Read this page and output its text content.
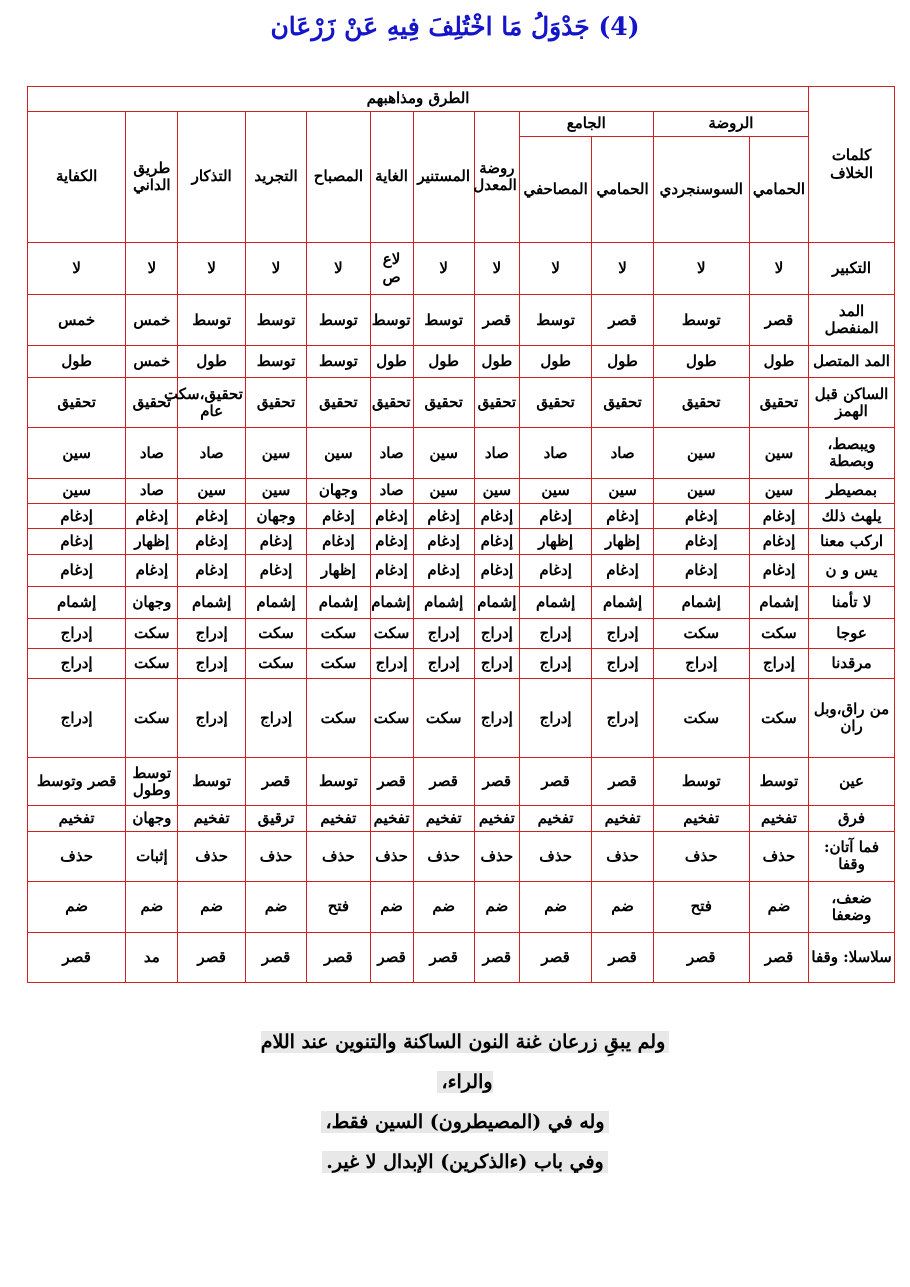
(4) جَدْوَلُ مَا اخْتُلِفَ فِيهِ عَنْ زَرْعَان
كلمات الخلاف	الطرق ومذاهبهم											
	الروضة		الجامع		روضة المعدل	المستنير	الغاية	المصباح	التجريد	التذكار	طريق الداني	الكفاية
	الحمامي	السوسنجردي	الحمامي	المصاحفي								
التكبير	لا	لا	لا	لا	لا	لا	لاع ص	لا	لا	لا	لا	لا
المد المنفصل	قصر	توسط	قصر	توسط	قصر	توسط	توسط	توسط	توسط	توسط	خمس	خمس
المد المتصل	طول	طول	طول	طول	طول	طول	طول	توسط	توسط	طول	خمس	طول
الساكن قبل الهمز	تحقيق	تحقيق	تحقيق	تحقيق	تحقيق	تحقيق	تحقيق	تحقيق	تحقيق	تحقيق،سكت عام	تحقيق	تحقيق
ويبصط، وبصطة	سين	سين	صاد	صاد	صاد	سين	صاد	سين	سين	صاد	صاد	سين
بمصيطر	سين	سين	سين	سين	سين	سين	صاد	وجهان	سين	سين	صاد	سين
يلهث ذلك	إدغام	إدغام	إدغام	إدغام	إدغام	إدغام	إدغام	إدغام	وجهان	إدغام	إدغام	إدغام
اركب معنا	إدغام	إدغام	إظهار	إظهار	إدغام	إدغام	إدغام	إدغام	إدغام	إدغام	إظهار	إدغام
يس و ن	إدغام	إدغام	إدغام	إدغام	إدغام	إدغام	إدغام	إظهار	إدغام	إدغام	إدغام	إدغام
لا تأمنا	إشمام	إشمام	إشمام	إشمام	إشمام	إشمام	إشمام	إشمام	إشمام	إشمام	وجهان	إشمام
عوجا	سكت	سكت	إدراج	إدراج	إدراج	إدراج	سكت	سكت	سكت	إدراج	سكت	إدراج
مرقدنا	إدراج	إدراج	إدراج	إدراج	إدراج	إدراج	إدراج	سكت	سكت	إدراج	سكت	إدراج
من راق،وبل ران	سكت	سكت	إدراج	إدراج	إدراج	سكت	سكت	سكت	إدراج	إدراج	سكت	إدراج
عين	توسط	توسط	قصر	قصر	قصر	قصر	قصر	توسط	قصر	توسط	توسط وطول	قصر وتوسط
فرق	تفخيم	تفخيم	تفخيم	تفخيم	تفخيم	تفخيم	تفخيم	تفخيم	ترقيق	تفخيم	وجهان	تفخيم
فما آتان: وقفا	حذف	حذف	حذف	حذف	حذف	حذف	حذف	حذف	حذف	حذف	إثبات	حذف
ضعف، وضعفا	ضم	فتح	ضم	ضم	ضم	ضم	ضم	فتح	ضم	ضم	ضم	ضم
سلاسلا: وقفا	قصر	قصر	قصر	قصر	قصر	قصر	قصر	قصر	قصر	قصر	مد	قصر
ولم يبقِ زرعان غنة النون الساكنة والتنوين عند اللام والراء،
وله في (المصيطرون) السين فقط،
وفي باب (ءالذكرين) الإبدال لا غير.
